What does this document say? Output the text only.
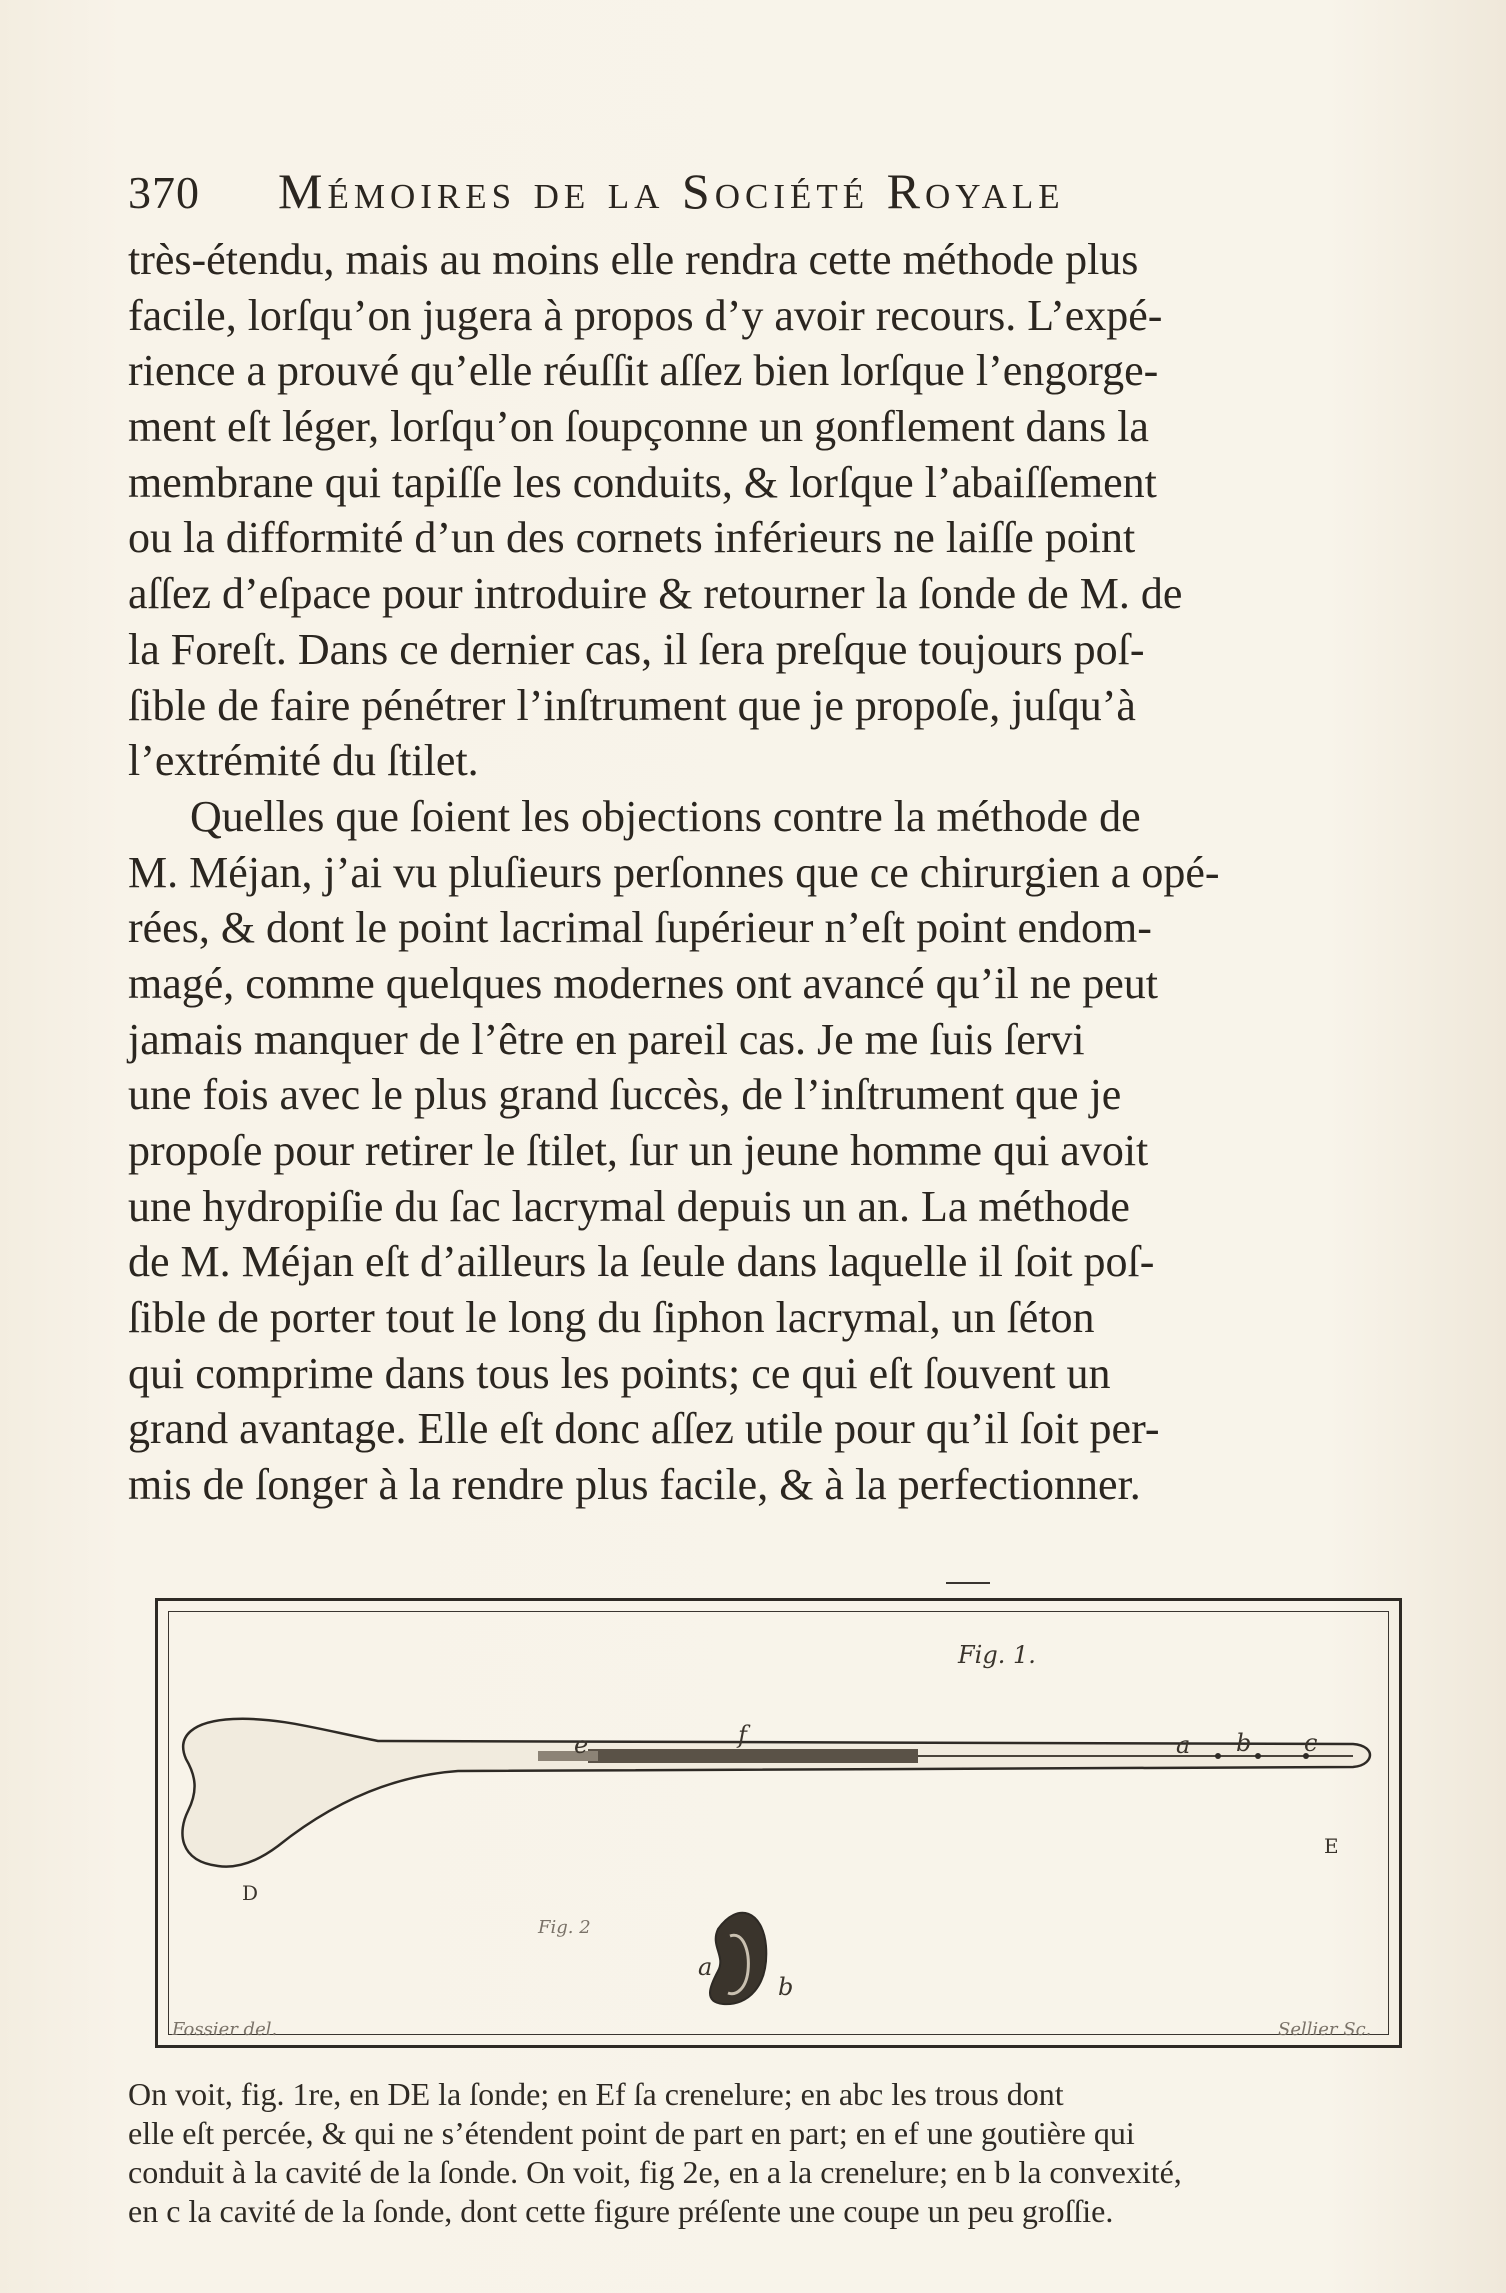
370 Mémoires de la Société Royale
très-étendu, mais au moins elle rendra cette méthode plus
facile, lorſqu’on jugera à propos d’y avoir recours. L’expé-
rience a prouvé qu’elle réuſſit aſſez bien lorſque l’engorge-
ment eſt léger, lorſqu’on ſoupçonne un gonflement dans la
membrane qui tapiſſe les conduits, & lorſque l’abaiſſement
ou la difformité d’un des cornets inférieurs ne laiſſe point
aſſez d’eſpace pour introduire & retourner la ſonde de M. de
la Foreſt. Dans ce dernier cas, il ſera preſque toujours poſ-
ſible de faire pénétrer l’inſtrument que je propoſe, juſqu’à
l’extrémité du ſtilet.
Quelles que ſoient les objections contre la méthode de
M. Méjan, j’ai vu pluſieurs perſonnes que ce chirurgien a opé-
rées, & dont le point lacrimal ſupérieur n’eſt point endom-
magé, comme quelques modernes ont avancé qu’il ne peut
jamais manquer de l’être en pareil cas. Je me ſuis ſervi
une fois avec le plus grand ſuccès, de l’inſtrument que je
propoſe pour retirer le ſtilet, ſur un jeune homme qui avoit
une hydropiſie du ſac lacrymal depuis un an. La méthode
de M. Méjan eſt d’ailleurs la ſeule dans laquelle il ſoit poſ-
ſible de porter tout le long du ſiphon lacrymal, un ſéton
qui comprime dans tous les points; ce qui eſt ſouvent un
grand avantage. Elle eſt donc aſſez utile pour qu’il ſoit per-
mis de ſonger à la rendre plus facile, & à la perfectionner.
Fig. 1.
e	f	a b c
D
E
Fig. 2
a
b
Fossier del.	Sellier Sc.
On voit, fig. 1re, en DE la ſonde; en Ef ſa crenelure; en abc les trous dont
elle eſt percée, & qui ne s’étendent point de part en part; en ef une goutière qui
conduit à la cavité de la ſonde. On voit, fig 2e, en a la crenelure; en b la convexité,
en c la cavité de la ſonde, dont cette figure préſente une coupe un peu groſſie.
